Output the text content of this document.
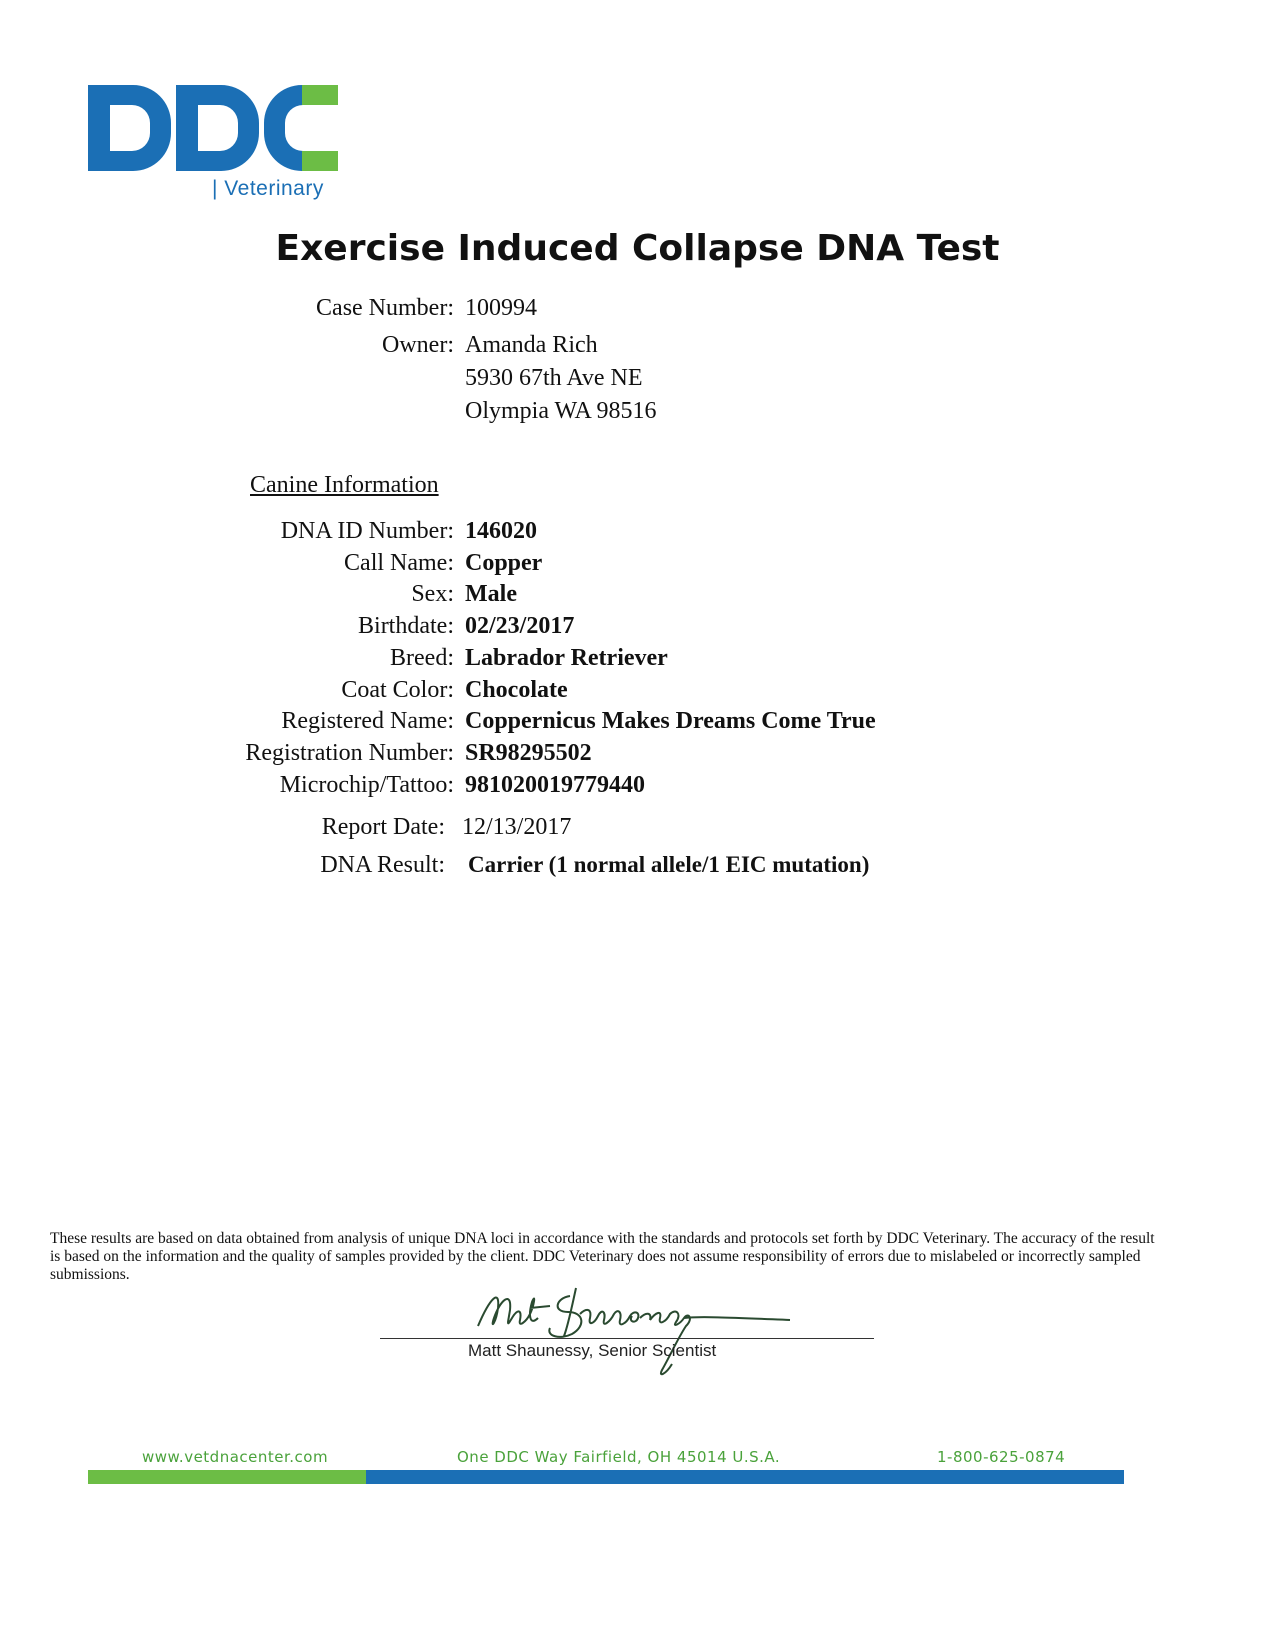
| Veterinary
Exercise Induced Collapse DNA Test
Case Number: 100994
Owner: Amanda Rich
5930 67th Ave NE
Olympia WA 98516
Canine Information
DNA ID Number: 146020
Call Name: Copper
Sex: Male
Birthdate: 02/23/2017
Breed: Labrador Retriever
Coat Color: Chocolate
Registered Name: Coppernicus Makes Dreams Come True
Registration Number: SR98295502
Microchip/Tattoo: 981020019779440
Report Date: 12/13/2017
DNA Result: Carrier (1 normal allele/1 EIC mutation)
These results are based on data obtained from analysis of unique DNA loci in accordance with the standards and protocols set forth by DDC Veterinary. The accuracy of the result is based on the information and the quality of samples provided by the client. DDC Veterinary does not assume responsibility of errors due to mislabeled or incorrectly sampled submissions.
Matt Shaunessy, Senior Scientist
www.vetdnacenter.com	One DDC Way Fairfield, OH 45014 U.S.A.	1-800-625-0874
